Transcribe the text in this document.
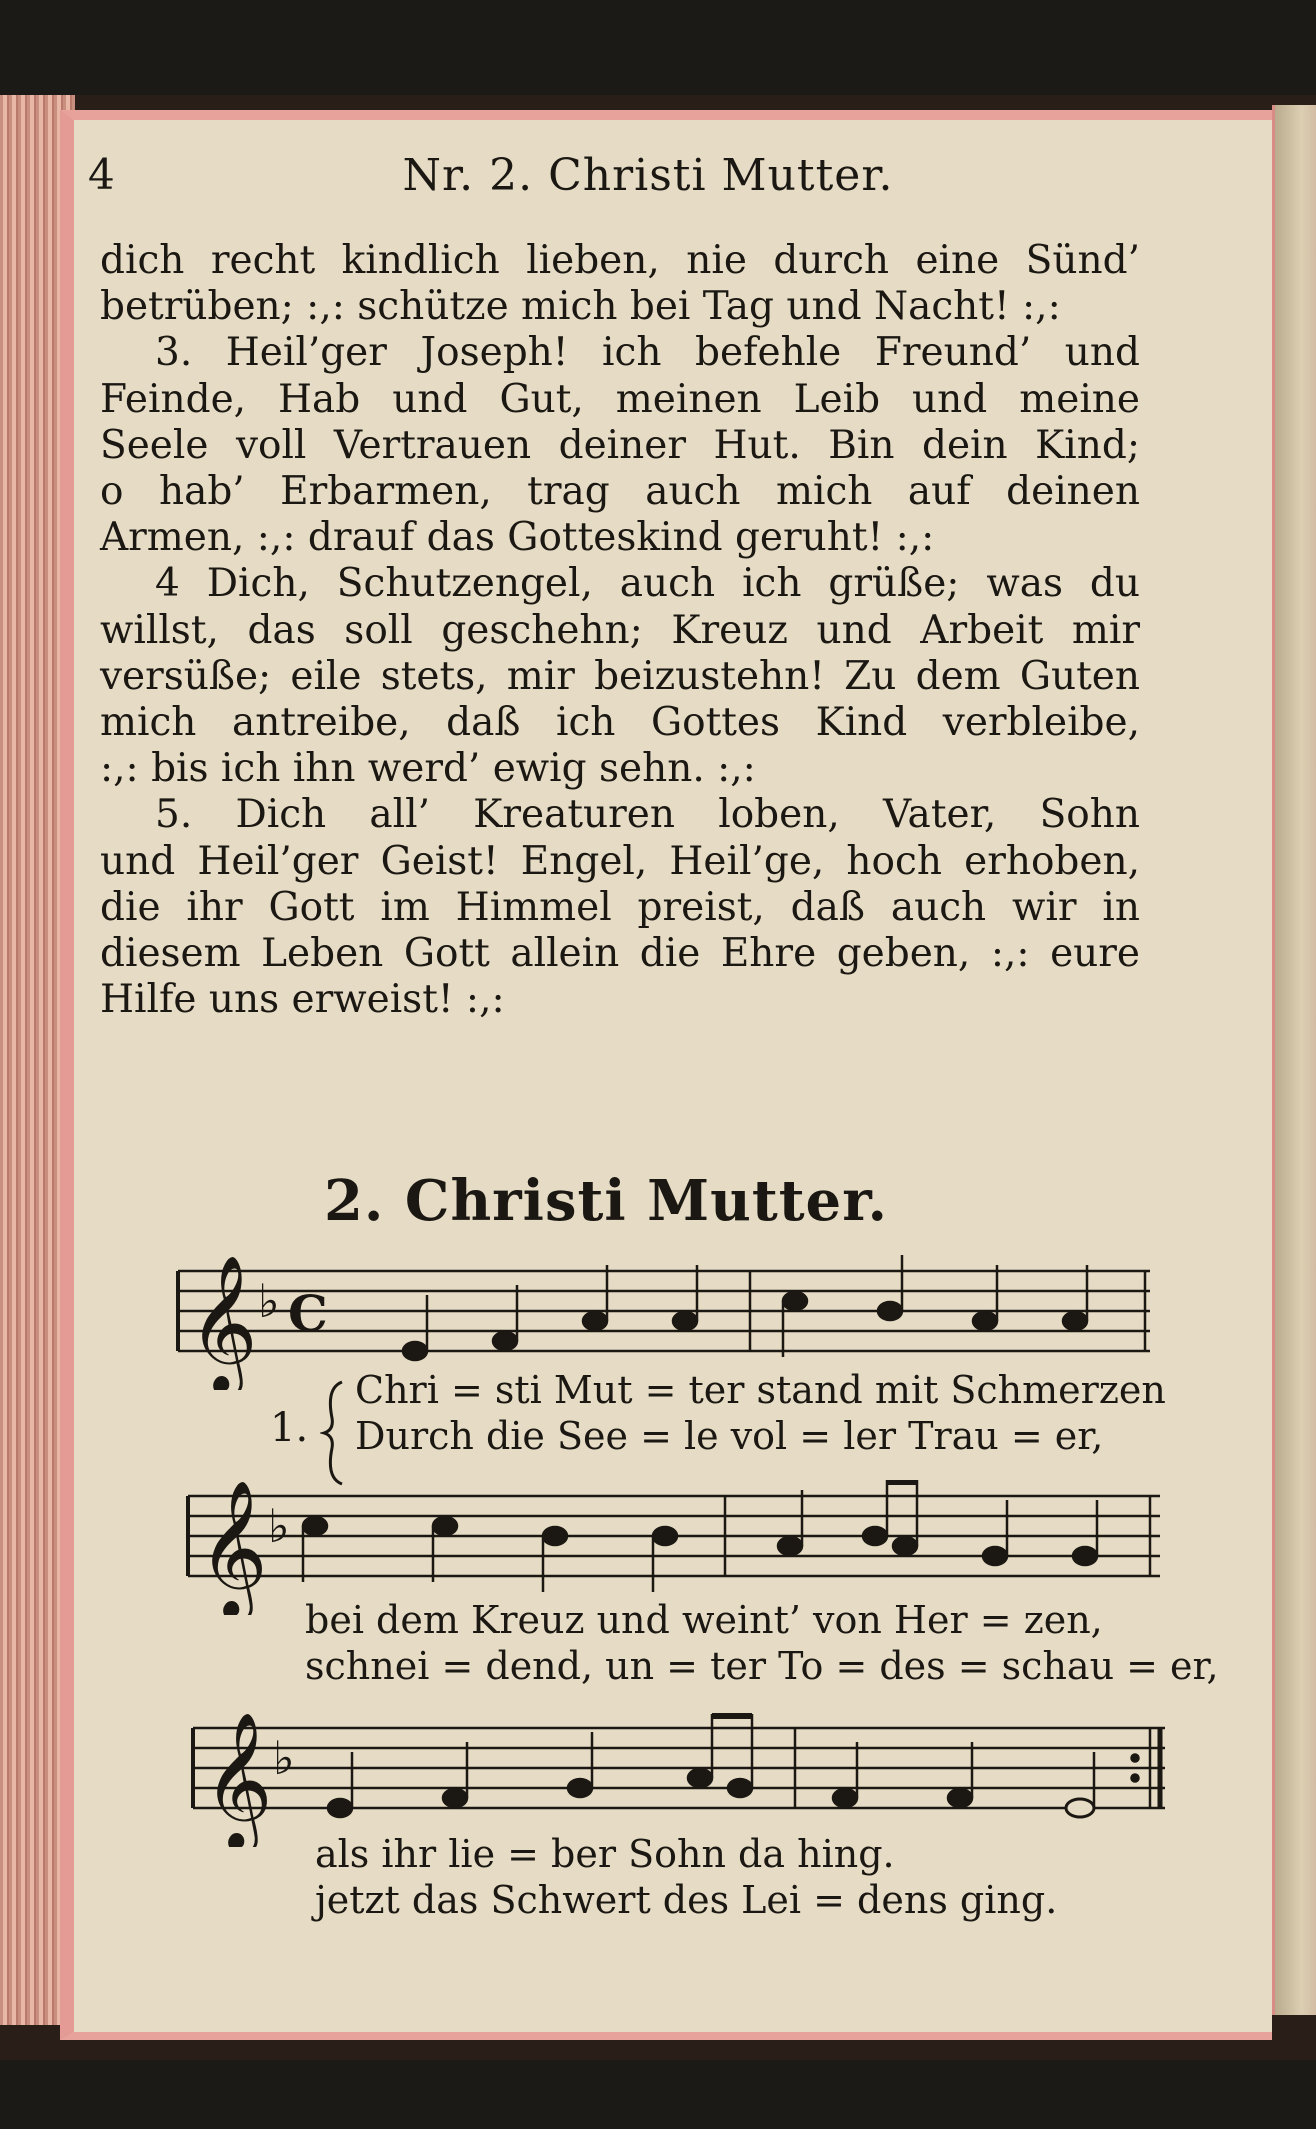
4	Nr. 2. Christi Mutter.

dich recht kindlich lieben, nie durch eine Sünd’

betrüben; :,: schütze mich bei Tag und Nacht! :,:

3. Heil’ger Joseph! ich befehle Freund’ und

Feinde, Hab und Gut, meinen Leib und meine

Seele voll Vertrauen deiner Hut. Bin dein Kind;

o hab’ Erbarmen, trag auch mich auf deinen

Armen, :,: drauf das Gotteskind geruht! :,:

4 Dich, Schutzengel, auch ich grüße; was du

willst, das soll geschehn; Kreuz und Arbeit mir

versüße; eile stets, mir beizustehn! Zu dem Guten

mich antreibe, daß ich Gottes Kind verbleibe,

:,: bis ich ihn werd’ ewig sehn. :,:

5. Dich all’ Kreaturen loben, Vater, Sohn

und Heil’ger Geist! Engel, Heil’ge, hoch erhoben,

die ihr Gott im Himmel preist, daß auch wir in

diesem Leben Gott allein die Ehre geben, :,: eure

Hilfe uns erweist! :,:

2. Christi Mutter.
𝄞 ♭ C
1.
Chri = sti Mut = ter stand mit Schmerzen
Durch die See = le vol = ler Trau = er,
𝄞 ♭
bei dem Kreuz und weint’ von Her = zen,
schnei = dend, un = ter To = des = schau = er,
𝄞 ♭
als ihr lie = ber Sohn da hing.
jetzt das Schwert des Lei = dens ging.
